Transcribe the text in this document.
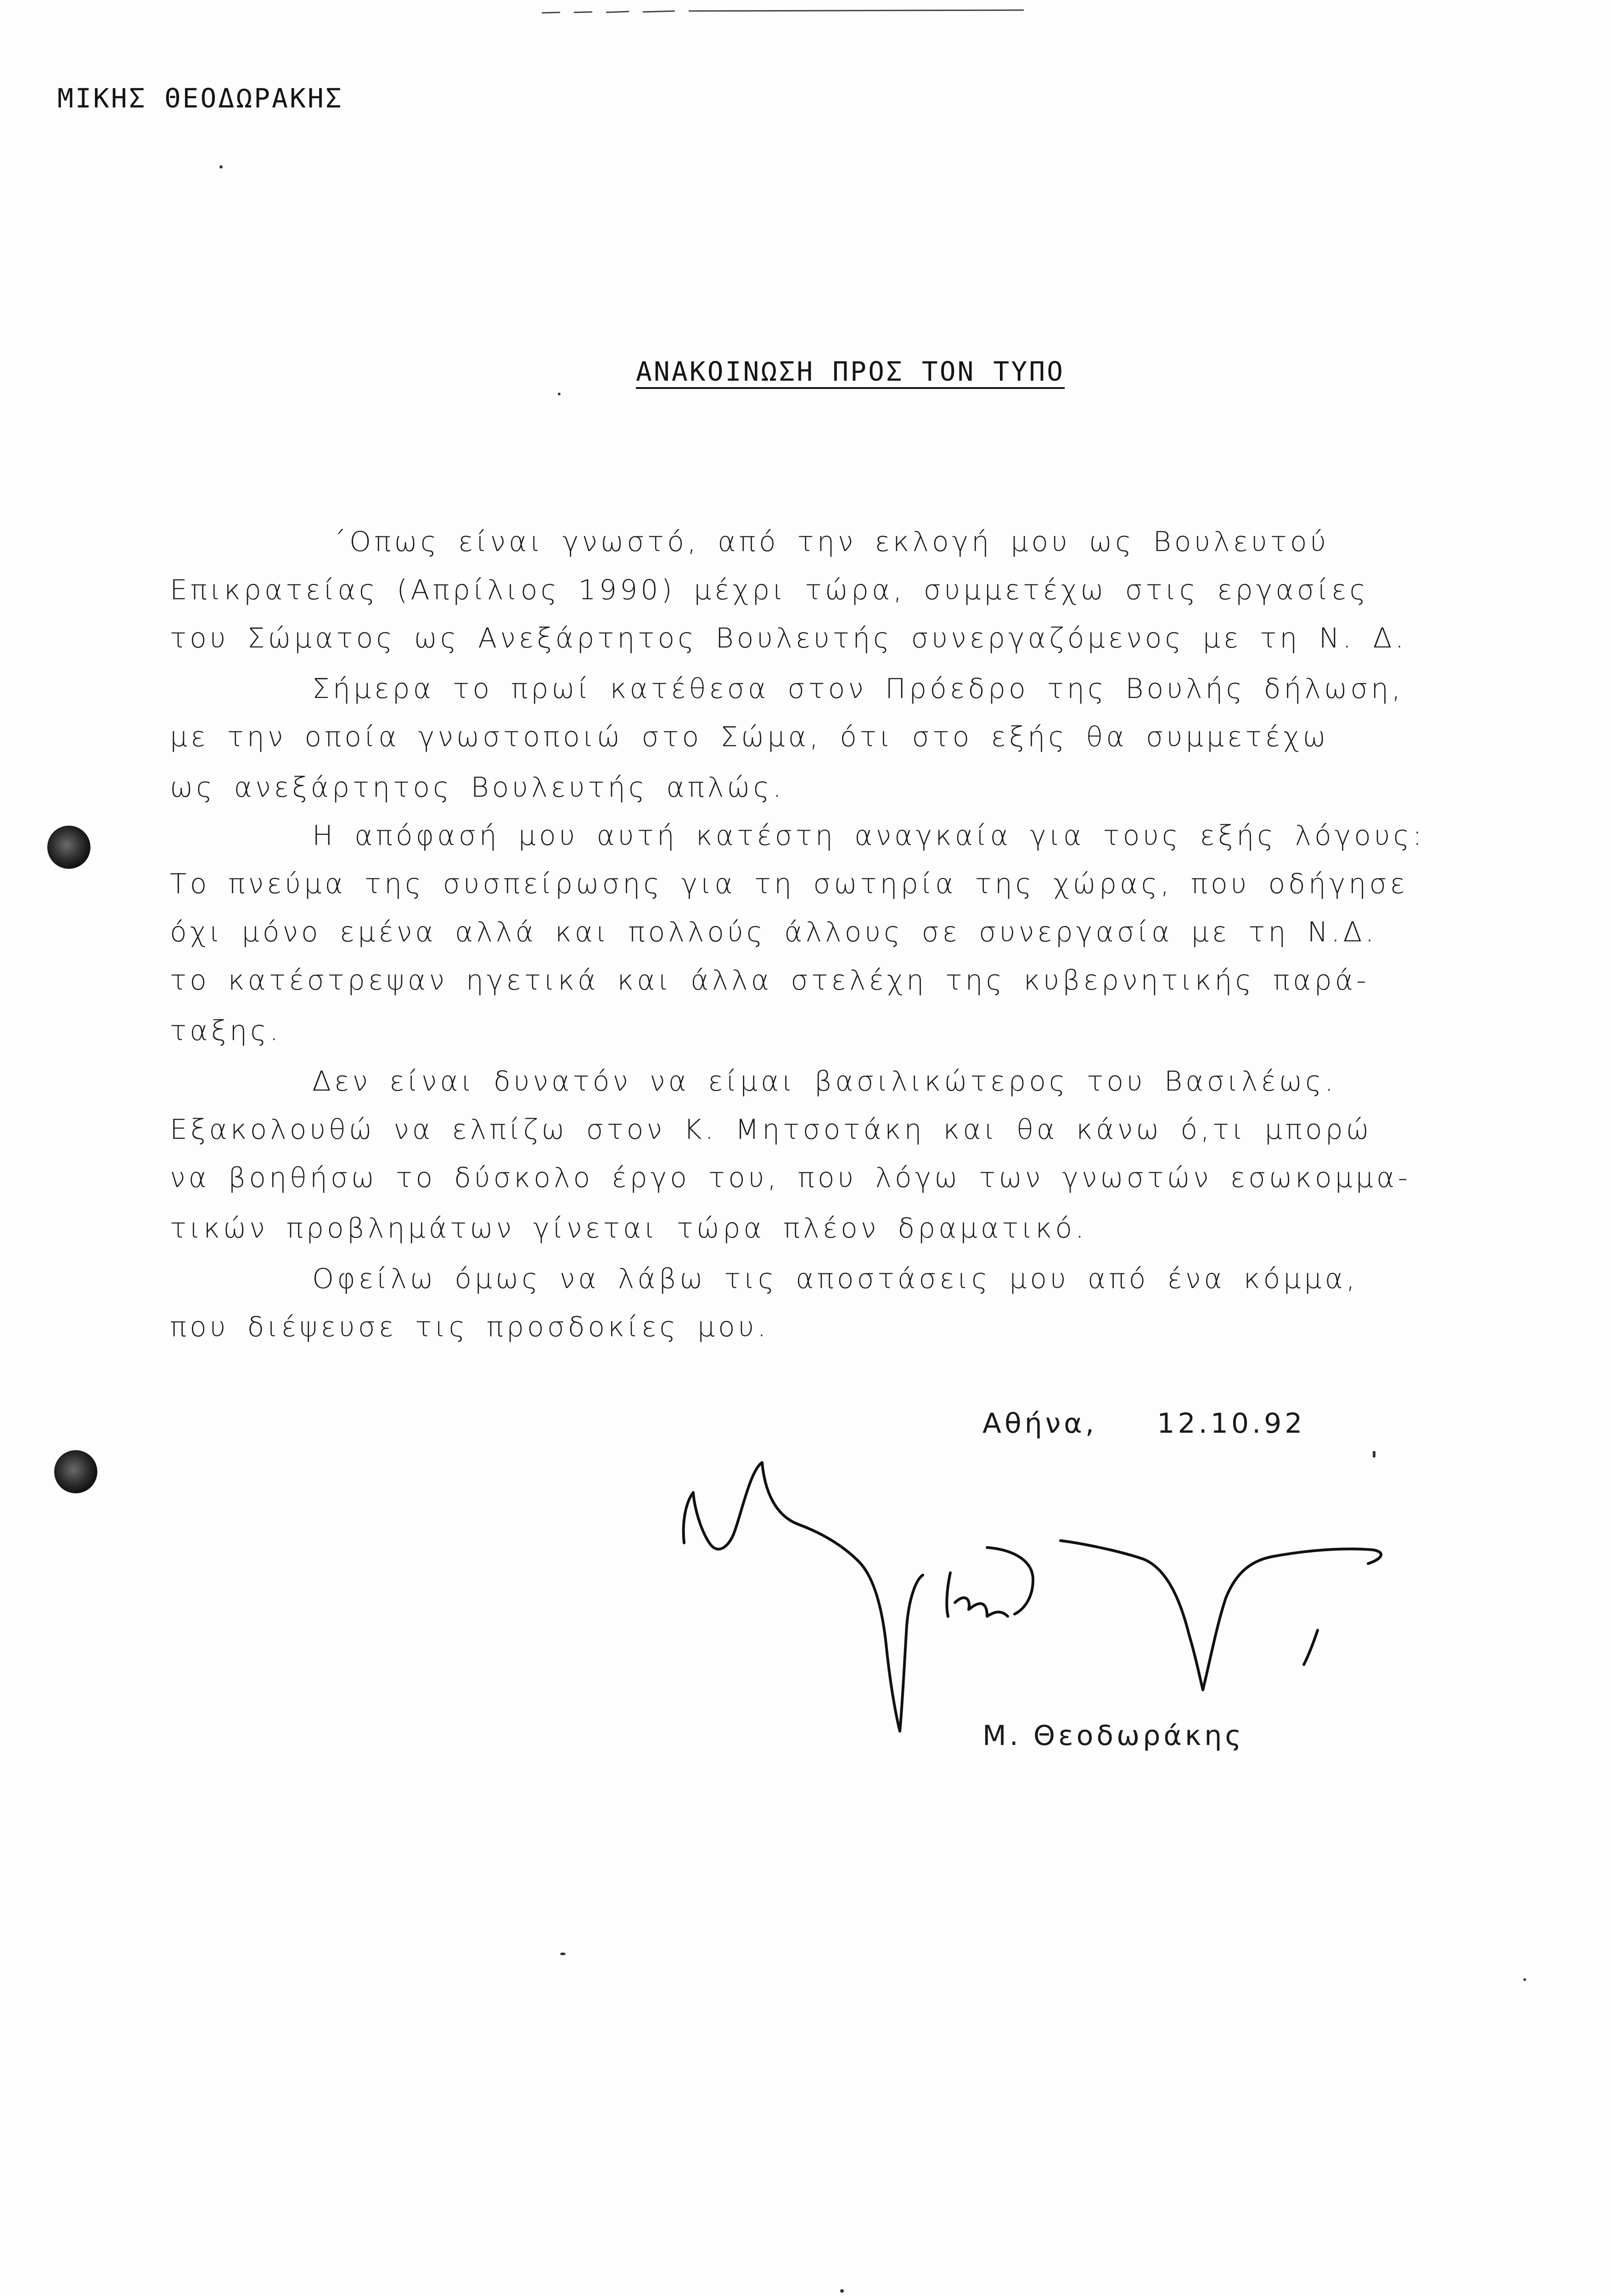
ΜΙΚΗΣ ΘΕΟΔΩΡΑΚΗΣ
ΑΝΑΚΟΙΝΩΣΗ ΠΡΟΣ ΤΟΝ ΤΥΠΟ
΄Οπως είναι γνωστό, από την εκλογή μου ως Βουλευτού
Επικρατείας (Απρίλιος 1990) μέχρι τώρα, συμμετέχω στις εργασίες
του Σώματος ως Ανεξάρτητος Βουλευτής συνεργαζόμενος με τη Ν. Δ.
Σήμερα το πρωί κατέθεσα στον Πρόεδρο της Βουλής δήλωση,
με την οποία γνωστοποιώ στο Σώμα, ότι στο εξής θα συμμετέχω
ως ανεξάρτητος Βουλευτής απλώς.
Η απόφασή μου αυτή κατέστη αναγκαία για τους εξής λόγους:
Το πνεύμα της συσπείρωσης για τη σωτηρία της χώρας, που οδήγησε
όχι μόνο εμένα αλλά και πολλούς άλλους σε συνεργασία με τη Ν.Δ.
το κατέστρεψαν ηγετικά και άλλα στελέχη της κυβερνητικής παρά-
ταξης.
Δεν είναι δυνατόν να είμαι βασιλικώτερος του Βασιλέως.
Εξακολουθώ να ελπίζω στον Κ. Μητσοτάκη και θα κάνω ό,τι μπορώ
να βοηθήσω το δύσκολο έργο του, που λόγω των γνωστών εσωκομμα-
τικών προβλημάτων γίνεται τώρα πλέον δραματικό.
Οφείλω όμως να λάβω τις αποστάσεις μου από ένα κόμμα,
που διέψευσε τις προσδοκίες μου.
Αθήνα, 12.10.92
Μ. Θεοδωράκης
